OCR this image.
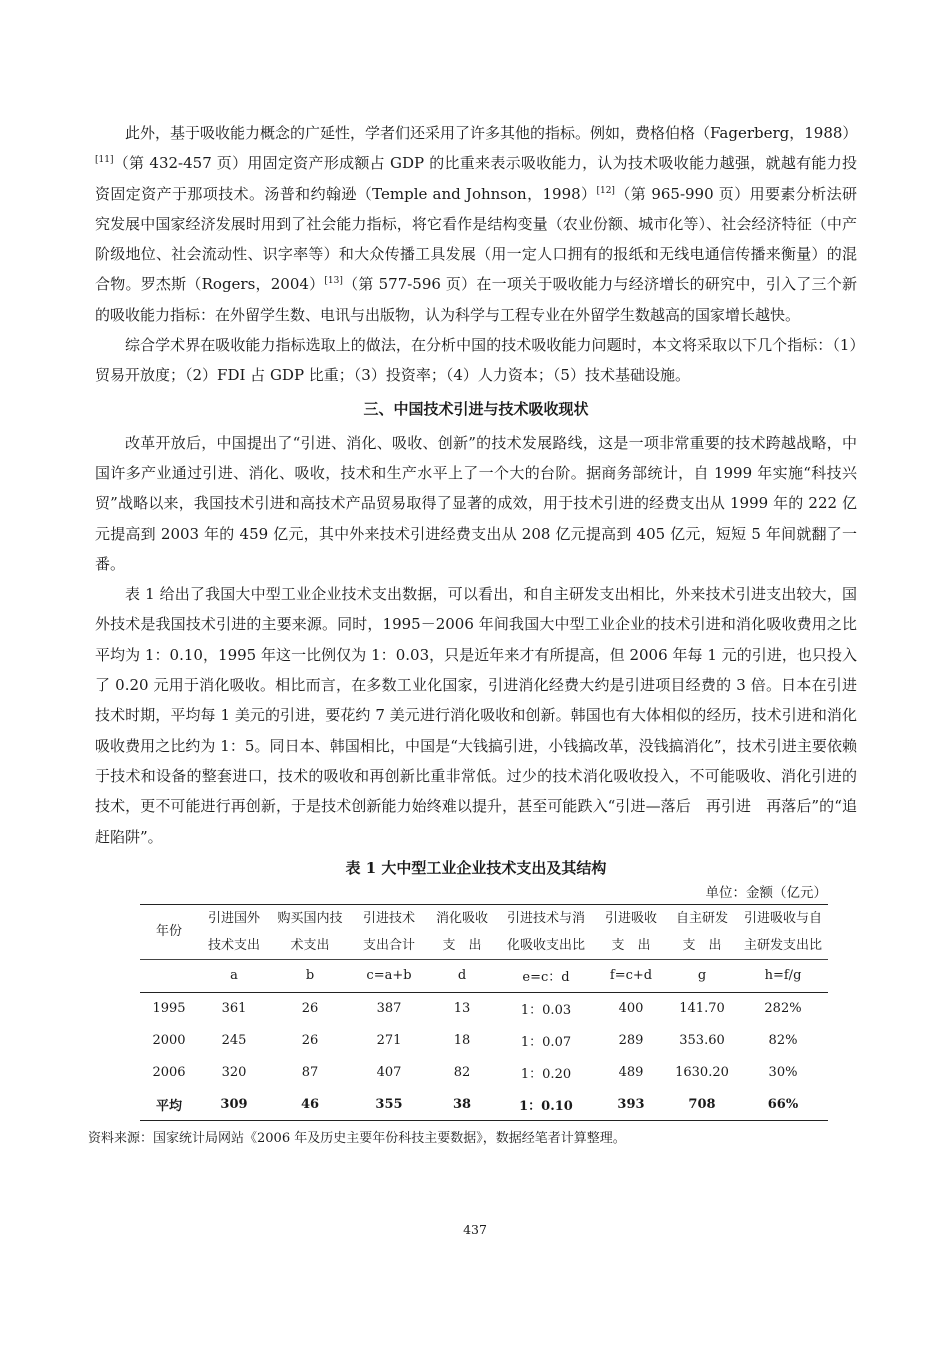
此外，基于吸收能力概念的广延性，学者们还采用了许多其他的指标。例如，费格伯格（Fagerberg，1988）[11]（第 432-457 页）用固定资产形成额占 GDP 的比重来表示吸收能力，认为技术吸收能力越强，就越有能力投资固定资产于那项技术。汤普和约翰逊（Temple and Johnson，1998）[12]（第 965-990 页）用要素分析法研究发展中国家经济发展时用到了社会能力指标，将它看作是结构变量（农业份额、城市化等）、社会经济特征（中产阶级地位、社会流动性、识字率等）和大众传播工具发展（用一定人口拥有的报纸和无线电通信传播来衡量）的混合物。罗杰斯（Rogers，2004）[13]（第 577-596 页）在一项关于吸收能力与经济增长的研究中，引入了三个新的吸收能力指标：在外留学生数、电讯与出版物，认为科学与工程专业在外留学生数越高的国家增长越快。

综合学术界在吸收能力指标选取上的做法，在分析中国的技术吸收能力问题时，本文将采取以下几个指标：（1）贸易开放度；（2）FDI 占 GDP 比重；（3）投资率；（4）人力资本；（5）技术基础设施。

三、中国技术引进与技术吸收现状

改革开放后，中国提出了“引进、消化、吸收、创新”的技术发展路线，这是一项非常重要的技术跨越战略，中国许多产业通过引进、消化、吸收，技术和生产水平上了一个大的台阶。据商务部统计，自 1999 年实施“科技兴贸”战略以来，我国技术引进和高技术产品贸易取得了显著的成效，用于技术引进的经费支出从 1999 年的 222 亿元提高到 2003 年的 459 亿元，其中外来技术引进经费支出从 208 亿元提高到 405 亿元，短短 5 年间就翻了一番。

表 1 给出了我国大中型工业企业技术支出数据，可以看出，和自主研发支出相比，外来技术引进支出较大，国外技术是我国技术引进的主要来源。同时，1995－2006 年间我国大中型工业企业的技术引进和消化吸收费用之比平均为 1：0.10，1995 年这一比例仅为 1：0.03，只是近年来才有所提高，但 2006 年每 1 元的引进，也只投入了 0.20 元用于消化吸收。相比而言，在多数工业化国家，引进消化经费大约是引进项目经费的 3 倍。日本在引进技术时期，平均每 1 美元的引进，要花约 7 美元进行消化吸收和创新。韩国也有大体相似的经历，技术引进和消化吸收费用之比约为 1：5。同日本、韩国相比，中国是“大钱搞引进，小钱搞改革，没钱搞消化”，技术引进主要依赖于技术和设备的整套进口，技术的吸收和再创新比重非常低。过少的技术消化吸收投入，不可能吸收、消化引进的技术，更不可能进行再创新，于是技术创新能力始终难以提升，甚至可能跌入“引进—落后　再引进　再落后”的“追赶陷阱”。

表 1 大中型工业企业技术支出及其结构
单位：金额（亿元）
年份	引进国外	购买国内技	引进技术	消化吸收	引进技术与消	引进吸收	自主研发	引进吸收与自
	技术支出	术支出	支出合计	支　出	化吸收支出比	支　出	支　出	主研发支出比
	a	b	c=a+b	d	e=c：d	f=c+d	g	h=f/g
1995	361	26	387	13	1：0.03	400	141.70	282%
2000	245	26	271	18	1：0.07	289	353.60	82%
2006	320	87	407	82	1：0.20	489	1630.20	30%
平均	309	46	355	38	1：0.10	393	708	66%
资料来源：国家统计局网站《2006 年及历史主要年份科技主要数据》，数据经笔者计算整理。
437
